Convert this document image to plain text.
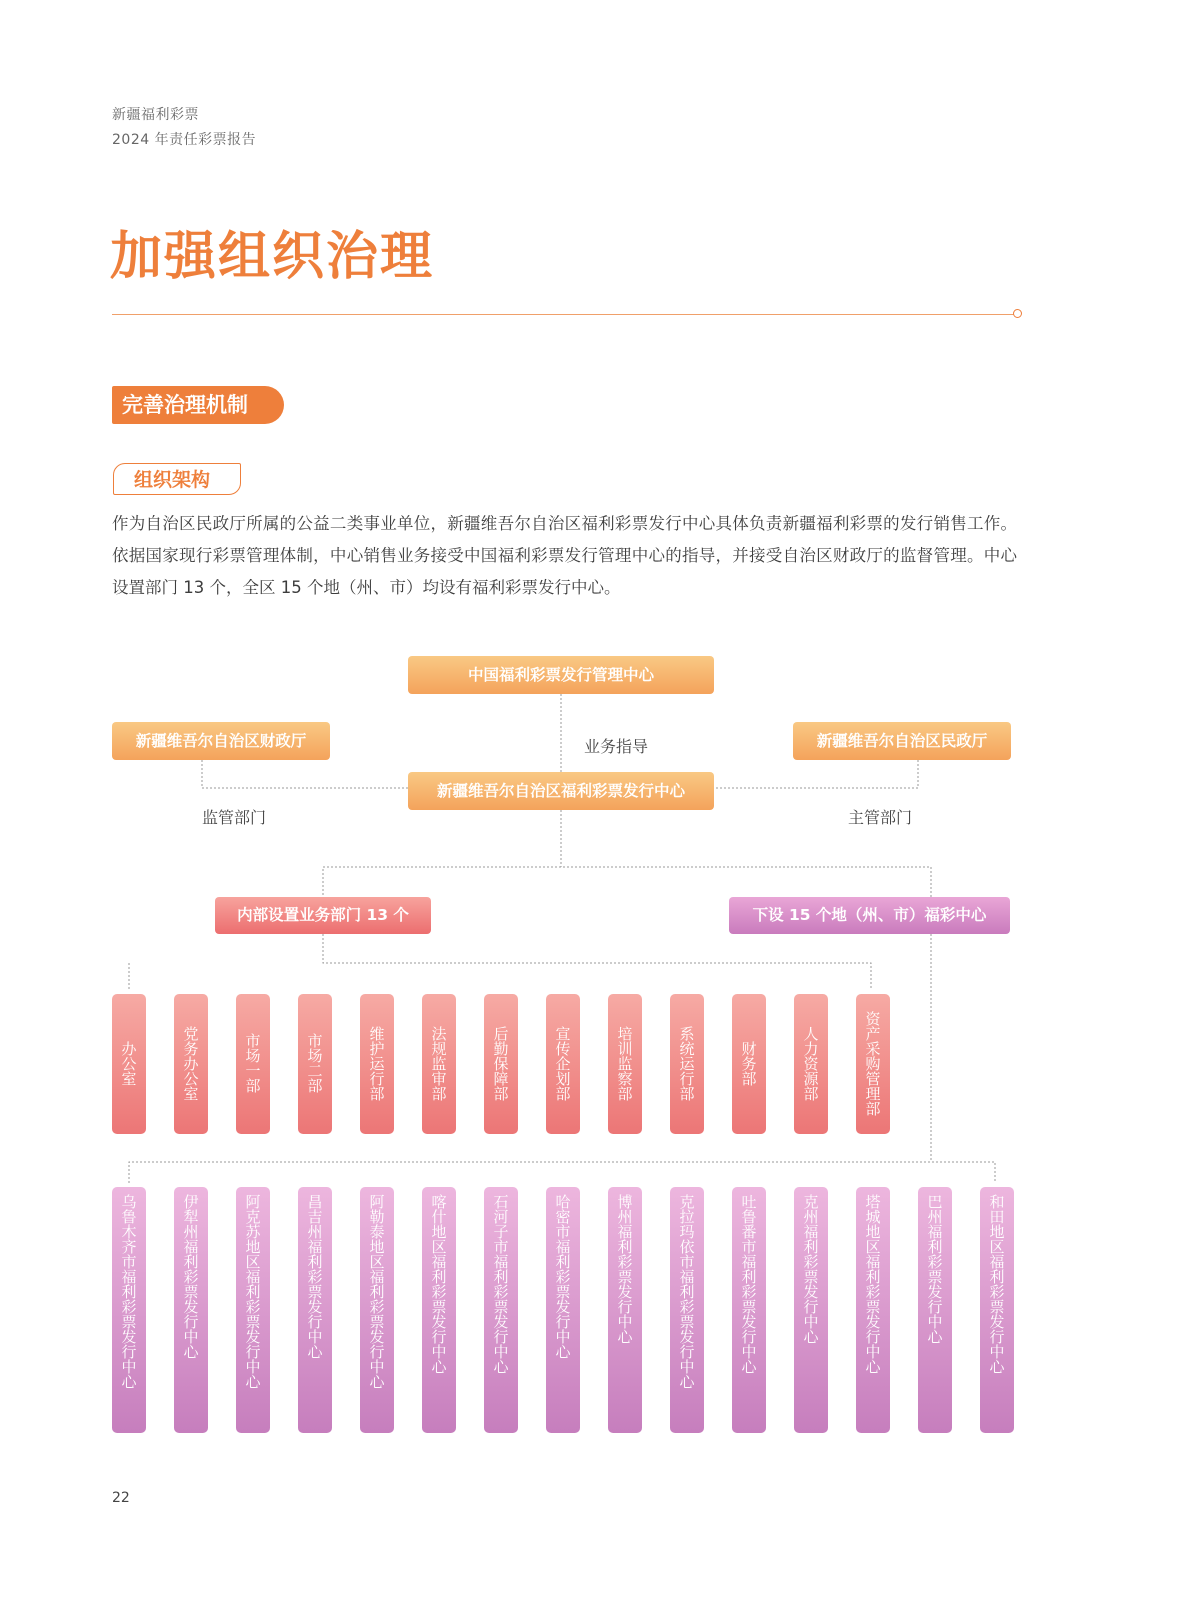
新疆福利彩票
2024 年责任彩票报告
加强组织治理
完善治理机制
组织架构

作为自治区民政厅所属的公益二类事业单位，新疆维吾尔自治区福利彩票发行中心具体负责新疆福利彩票的发行销售工作。依据国家现行彩票管理体制，中心销售业务接受中国福利彩票发行管理中心的指导，并接受自治区财政厅的监督管理。中心设置部门 13 个，全区 15 个地（州、市）均设有福利彩票发行中心。

中国福利彩票发行管理中心
新疆维吾尔自治区财政厅	新疆维吾尔自治区民政厅
新疆维吾尔自治区福利彩票发行中心
业务指导
监管部门	主管部门
内部设置业务部门 13 个	下设 15 个地（州、市）福彩中心
办公室
党务办公室
市场一部
市场二部
维护运行部
法规监审部
后勤保障部
宣传企划部
培训监察部
系统运行部
财务部
人力资源部
资产采购管理部
乌鲁木齐市福利彩票发行中心
伊犁州福利彩票发行中心
阿克苏地区福利彩票发行中心
昌吉州福利彩票发行中心
阿勒泰地区福利彩票发行中心
喀什地区福利彩票发行中心
石河子市福利彩票发行中心
哈密市福利彩票发行中心
博州福利彩票发行中心
克拉玛依市福利彩票发行中心
吐鲁番市福利彩票发行中心
克州福利彩票发行中心
塔城地区福利彩票发行中心
巴州福利彩票发行中心
和田地区福利彩票发行中心
22
